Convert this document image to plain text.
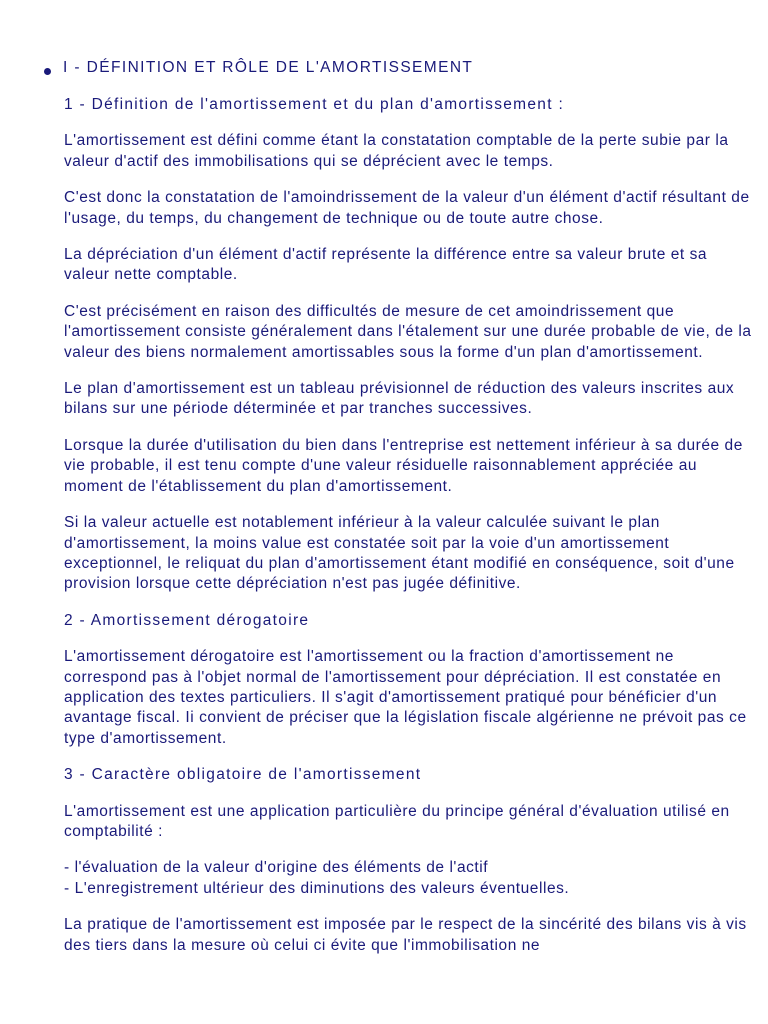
I - DÉFINITION ET RÔLE DE L'AMORTISSEMENT

1 - Définition de l'amortissement et du plan d'amortissement :

L'amortissement est défini comme étant la constatation comptable de la perte subie par la valeur d'actif des immobilisations qui se déprécient avec le temps.

C'est donc la constatation de l'amoindrissement de la valeur d'un élément d'actif résultant de l'usage, du temps, du changement de technique ou de toute autre chose.

La dépréciation d'un élément d'actif représente la différence entre sa valeur brute et sa valeur nette comptable.

C'est précisément en raison des difficultés de mesure de cet amoindrissement que l'amortissement consiste généralement dans l'étalement sur une durée probable de vie, de la valeur des biens normalement amortissables sous la forme d'un plan d'amortissement.

Le plan d'amortissement est un tableau prévisionnel de réduction des valeurs inscrites aux bilans sur une période déterminée et par tranches successives.

Lorsque la durée d'utilisation du bien dans l'entreprise est nettement inférieur à sa durée de vie probable, il est tenu compte d'une valeur résiduelle raisonnablement appréciée au moment de l'établissement du plan d'amortissement.

Si la valeur actuelle est notablement inférieur à la valeur calculée suivant le plan d'amortissement, la moins value est constatée soit par la voie d'un amortissement exceptionnel, le reliquat du plan d'amortissement étant modifié en conséquence, soit d'une provision lorsque cette dépréciation n'est pas jugée définitive.

2 - Amortissement dérogatoire

L'amortissement dérogatoire est l'amortissement ou la fraction d'amortissement ne correspond pas à l'objet normal de l'amortissement pour dépréciation. Il est constatée en application des textes particuliers. Il s'agit d'amortissement pratiqué pour bénéficier d'un avantage fiscal. Ii convient de préciser que la législation fiscale algérienne ne prévoit pas ce type d'amortissement.

3 - Caractère obligatoire de l'amortissement

L'amortissement est une application particulière du principe général d'évaluation utilisé en comptabilité :

- l'évaluation de la valeur d'origine des éléments de l'actif
- L'enregistrement ultérieur des diminutions des valeurs éventuelles.

La pratique de l'amortissement est imposée par le respect de la sincérité des bilans vis à vis des tiers dans la mesure où celui ci évite que l'immobilisation ne
